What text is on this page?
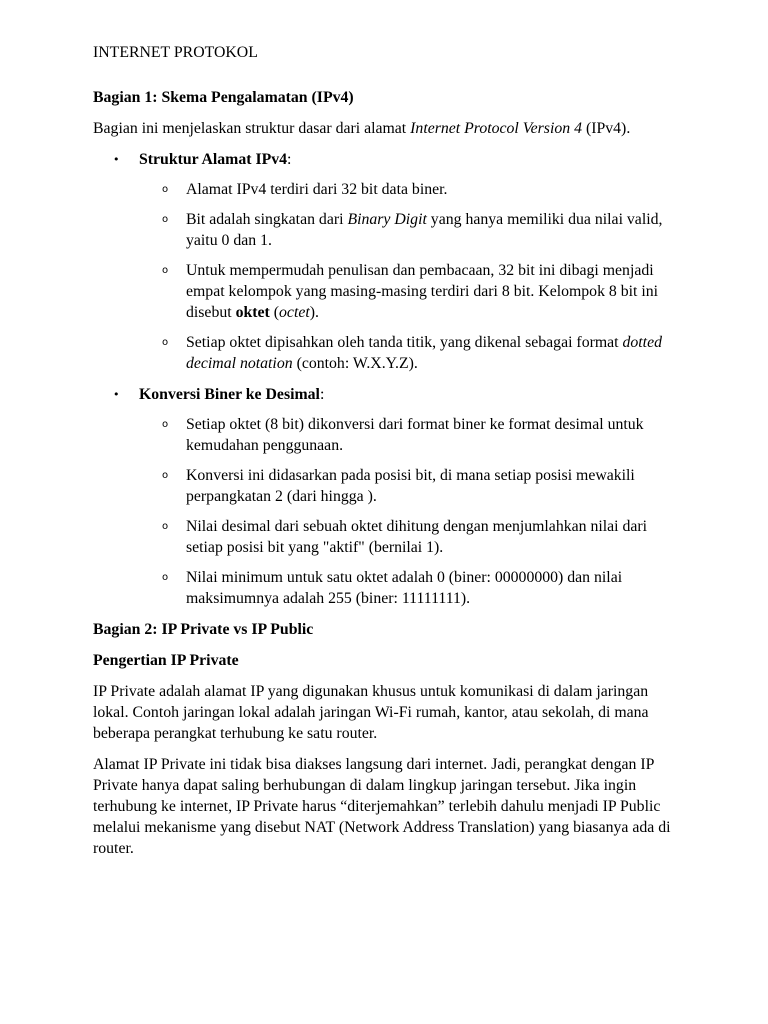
INTERNET PROTOKOL

Bagian 1: Skema Pengalamatan (IPv4)

Bagian ini menjelaskan struktur dasar dari alamat Internet Protocol Version 4 (IPv4).

• Struktur Alamat IPv4:
o Alamat IPv4 terdiri dari 32 bit data biner.
o Bit adalah singkatan dari Binary Digit yang hanya memiliki dua nilai valid, yaitu 0 dan 1.
o Untuk mempermudah penulisan dan pembacaan, 32 bit ini dibagi menjadi empat kelompok yang masing-masing terdiri dari 8 bit. Kelompok 8 bit ini disebut oktet (octet).
o Setiap oktet dipisahkan oleh tanda titik, yang dikenal sebagai format dotted decimal notation (contoh: W.X.Y.Z).
• Konversi Biner ke Desimal:
o Setiap oktet (8 bit) dikonversi dari format biner ke format desimal untuk kemudahan penggunaan.
o Konversi ini didasarkan pada posisi bit, di mana setiap posisi mewakili perpangkatan 2 (dari hingga ).
o Nilai desimal dari sebuah oktet dihitung dengan menjumlahkan nilai dari setiap posisi bit yang "aktif" (bernilai 1).
o Nilai minimum untuk satu oktet adalah 0 (biner: 00000000) dan nilai maksimumnya adalah 255 (biner: 11111111).

Bagian 2: IP Private vs IP Public

Pengertian IP Private

IP Private adalah alamat IP yang digunakan khusus untuk komunikasi di dalam jaringan lokal. Contoh jaringan lokal adalah jaringan Wi-Fi rumah, kantor, atau sekolah, di mana beberapa perangkat terhubung ke satu router.

Alamat IP Private ini tidak bisa diakses langsung dari internet. Jadi, perangkat dengan IP Private hanya dapat saling berhubungan di dalam lingkup jaringan tersebut. Jika ingin terhubung ke internet, IP Private harus “diterjemahkan” terlebih dahulu menjadi IP Public melalui mekanisme yang disebut NAT (Network Address Translation) yang biasanya ada di router.
